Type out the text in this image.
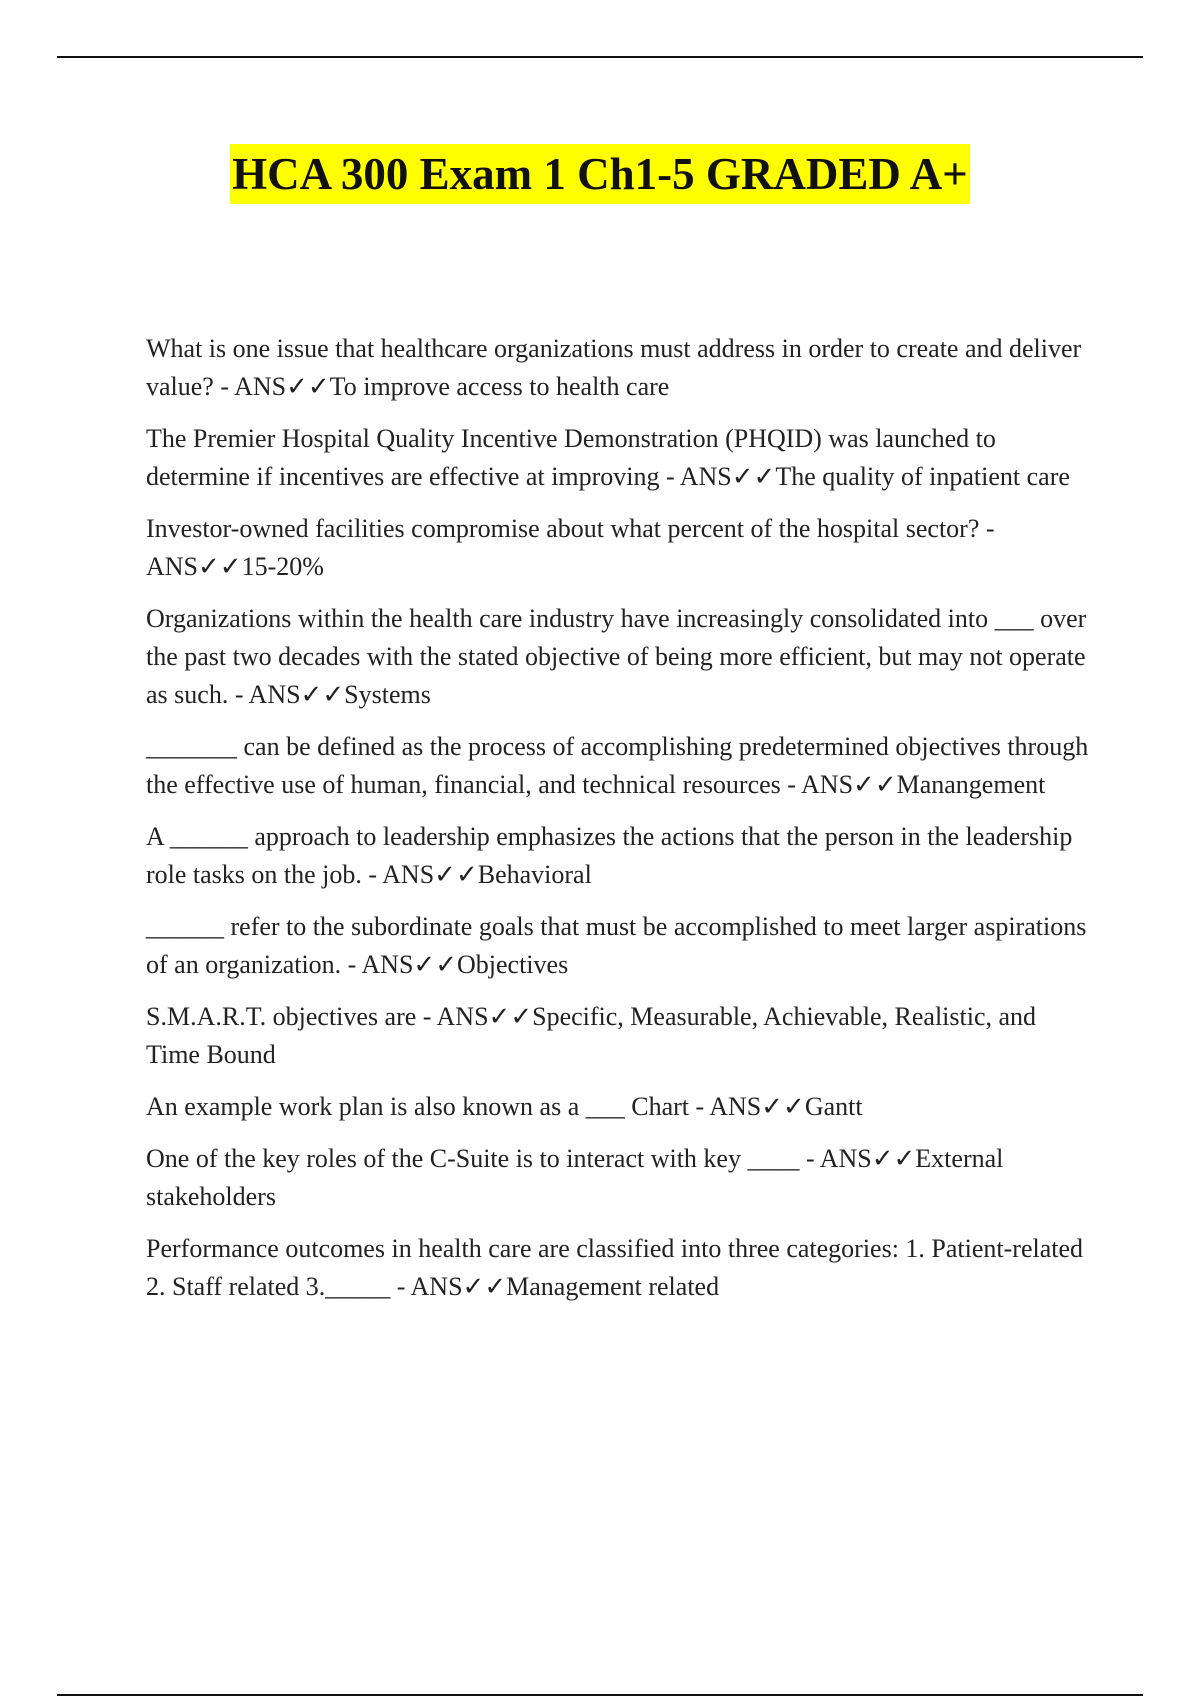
HCA 300 Exam 1 Ch1-5 GRADED A+

What is one issue that healthcare organizations must address in order to create and deliver value? - ANS✓✓To improve access to health care

The Premier Hospital Quality Incentive Demonstration (PHQID) was launched to determine if incentives are effective at improving - ANS✓✓The quality of inpatient care

Investor-owned facilities compromise about what percent of the hospital sector? - ANS✓✓15-20%

Organizations within the health care industry have increasingly consolidated into ___ over the past two decades with the stated objective of being more efficient, but may not operate as such. - ANS✓✓Systems

_______ can be defined as the process of accomplishing predetermined objectives through the effective use of human, financial, and technical resources - ANS✓✓Manangement

A ______ approach to leadership emphasizes the actions that the person in the leadership role tasks on the job. - ANS✓✓Behavioral

______ refer to the subordinate goals that must be accomplished to meet larger aspirations of an organization. - ANS✓✓Objectives

S.M.A.R.T. objectives are - ANS✓✓Specific, Measurable, Achievable, Realistic, and Time Bound

An example work plan is also known as a ___ Chart - ANS✓✓Gantt

One of the key roles of the C-Suite is to interact with key ____ - ANS✓✓External stakeholders

Performance outcomes in health care are classified into three categories: 1. Patient-related 2. Staff related 3._____ - ANS✓✓Management related
